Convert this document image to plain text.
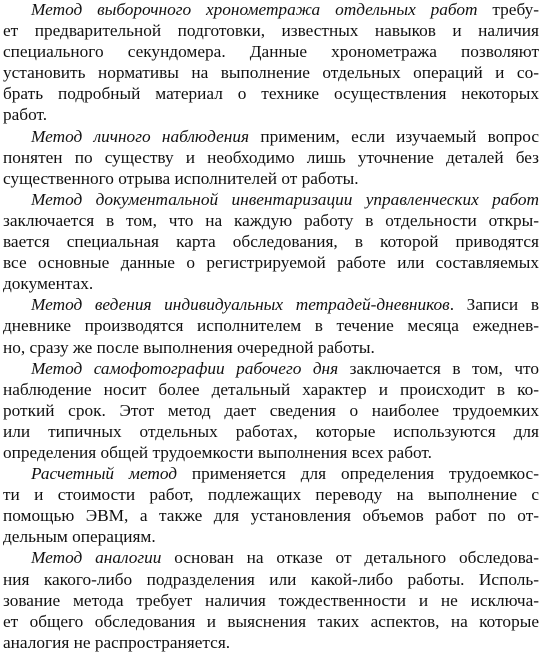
Метод выборочного хронометража отдельных работ требу-
ет предварительной подготовки, известных навыков и наличия
специального секундомера. Данные хронометража позволяют
установить нормативы на выполнение отдельных операций и со-
брать подробный материал о технике осуществления некоторых
работ.
Метод личного наблюдения применим, если изучаемый вопрос
понятен по существу и необходимо лишь уточнение деталей без
существенного отрыва исполнителей от работы.
Метод документальной инвентаризации управленческих работ
заключается в том, что на каждую работу в отдельности откры-
вается специальная карта обследования, в которой приводятся
все основные данные о регистрируемой работе или составляемых
документах.
Метод ведения индивидуальных тетрадей-дневников. Записи в
дневнике производятся исполнителем в течение месяца ежеднев-
но, сразу же после выполнения очередной работы.
Метод самофотографии рабочего дня заключается в том, что
наблюдение носит более детальный характер и происходит в ко-
роткий срок. Этот метод дает сведения о наиболее трудоемких
или типичных отдельных работах, которые используются для
определения общей трудоемкости выполнения всех работ.
Расчетный метод применяется для определения трудоемкос-
ти и стоимости работ, подлежащих переводу на выполнение с
помощью ЭВМ, а также для установления объемов работ по от-
дельным операциям.
Метод аналогии основан на отказе от детального обследова-
ния какого-либо подразделения или какой-либо работы. Исполь-
зование метода требует наличия тождественности и не исключа-
ет общего обследования и выяснения таких аспектов, на которые
аналогия не распространяется.
